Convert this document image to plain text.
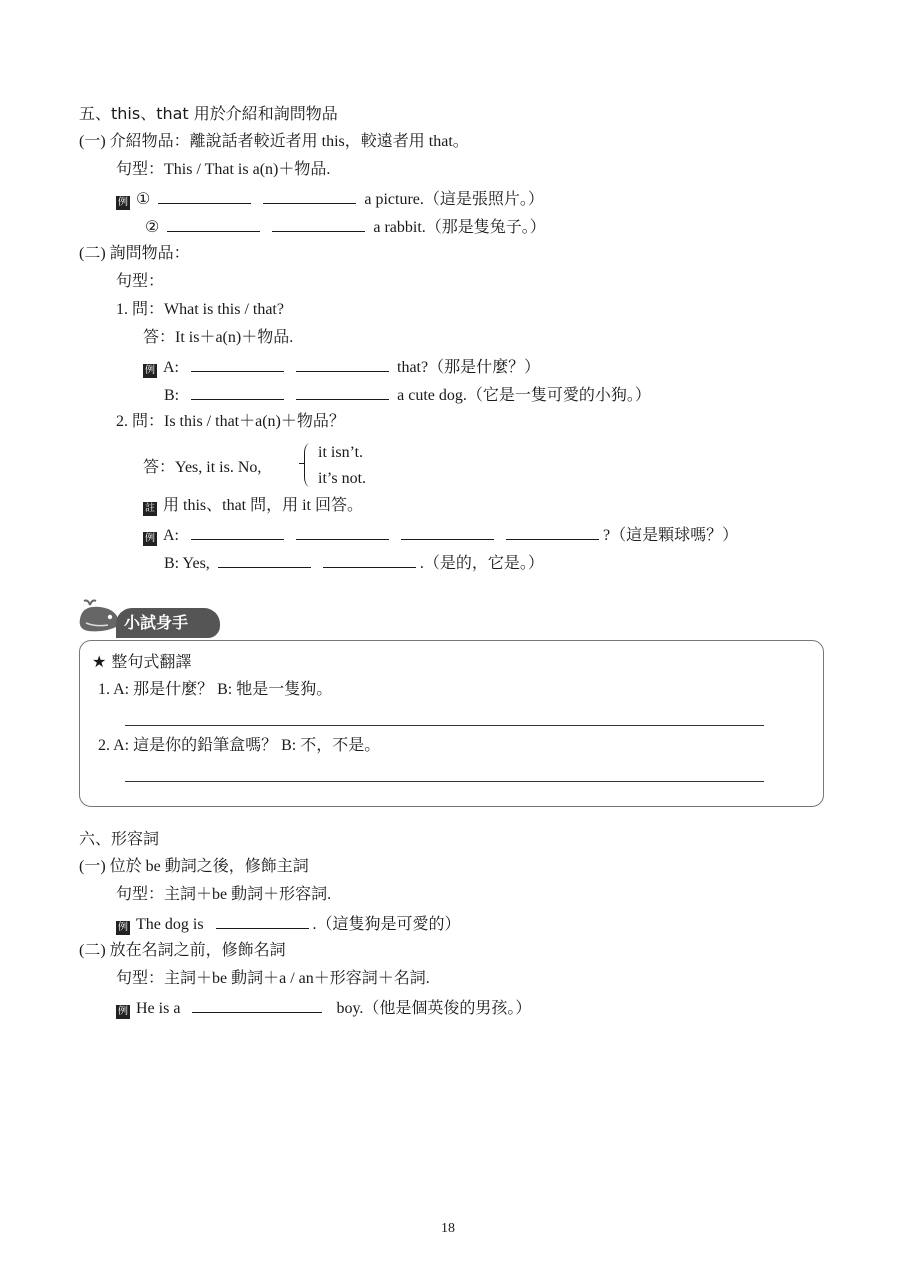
五、this、that 用於介紹和詢問物品
(一) 介紹物品：離說話者較近者用 this，較遠者用 that。
句型：This / That is a(n)＋物品.
例 ①	a picture.（這是張照片。）
②	a rabbit.（那是隻兔子。）
(二) 詢問物品：
句型：
1. 問：What is this / that?
答：It is＋a(n)＋物品.
例 A:	that?（那是什麼？）
B:	a cute dog.（它是一隻可愛的小狗。）
2. 問：Is this / that＋a(n)＋物品？
答：Yes, it is. No,
it isn’t.
it’s not.
註 用 this、that 問，用 it 回答。
例 A:	?（這是顆球嗎？）
B: Yes,	.（是的，它是。）
小試身手
★ 整句式翻譯
1. A: 那是什麼？ B: 牠是一隻狗。
2. A: 這是你的鉛筆盒嗎？ B: 不，不是。
六、形容詞
(一) 位於 be 動詞之後，修飾主詞
句型：主詞＋be 動詞＋形容詞.
例 The dog is	.（這隻狗是可愛的）
(二) 放在名詞之前，修飾名詞
句型：主詞＋be 動詞＋a / an＋形容詞＋名詞.
例 He is a	boy.（他是個英俊的男孩。）
18
